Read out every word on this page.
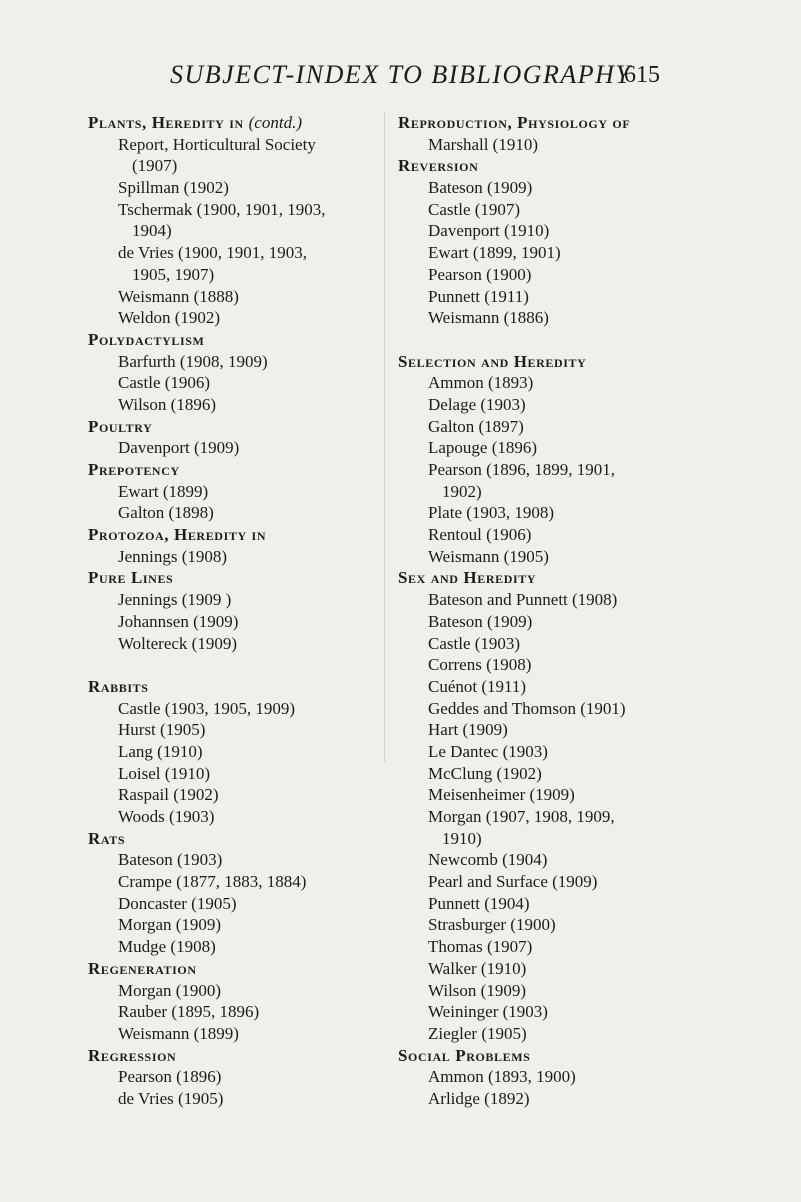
SUBJECT-INDEX TO BIBLIOGRAPHY
615
Plants, Heredity in (contd.)
Report, Horticultural Society
(1907)
Spillman (1902)
Tschermak (1900, 1901, 1903,
1904)
de Vries (1900, 1901, 1903,
1905, 1907)
Weismann (1888)
Weldon (1902)
Polydactylism
Barfurth (1908, 1909)
Castle (1906)
Wilson (1896)
Poultry
Davenport (1909)
Prepotency
Ewart (1899)
Galton (1898)
Protozoa, Heredity in
Jennings (1908)
Pure Lines
Jennings (1909 )
Johannsen (1909)
Woltereck (1909)
Rabbits
Castle (1903, 1905, 1909)
Hurst (1905)
Lang (1910)
Loisel (1910)
Raspail (1902)
Woods (1903)
Rats
Bateson (1903)
Crampe (1877, 1883, 1884)
Doncaster (1905)
Morgan (1909)
Mudge (1908)
Regeneration
Morgan (1900)
Rauber (1895, 1896)
Weismann (1899)
Regression
Pearson (1896)
de Vries (1905)
Reproduction, Physiology of
Marshall (1910)
Reversion
Bateson (1909)
Castle (1907)
Davenport (1910)
Ewart (1899, 1901)
Pearson (1900)
Punnett (1911)
Weismann (1886)
Selection and Heredity
Ammon (1893)
Delage (1903)
Galton (1897)
Lapouge (1896)
Pearson (1896, 1899, 1901,
1902)
Plate (1903, 1908)
Rentoul (1906)
Weismann (1905)
Sex and Heredity
Bateson and Punnett (1908)
Bateson (1909)
Castle (1903)
Correns (1908)
Cuénot (1911)
Geddes and Thomson (1901)
Hart (1909)
Le Dantec (1903)
McClung (1902)
Meisenheimer (1909)
Morgan (1907, 1908, 1909,
1910)
Newcomb (1904)
Pearl and Surface (1909)
Punnett (1904)
Strasburger (1900)
Thomas (1907)
Walker (1910)
Wilson (1909)
Weininger (1903)
Ziegler (1905)
Social Problems
Ammon (1893, 1900)
Arlidge (1892)
